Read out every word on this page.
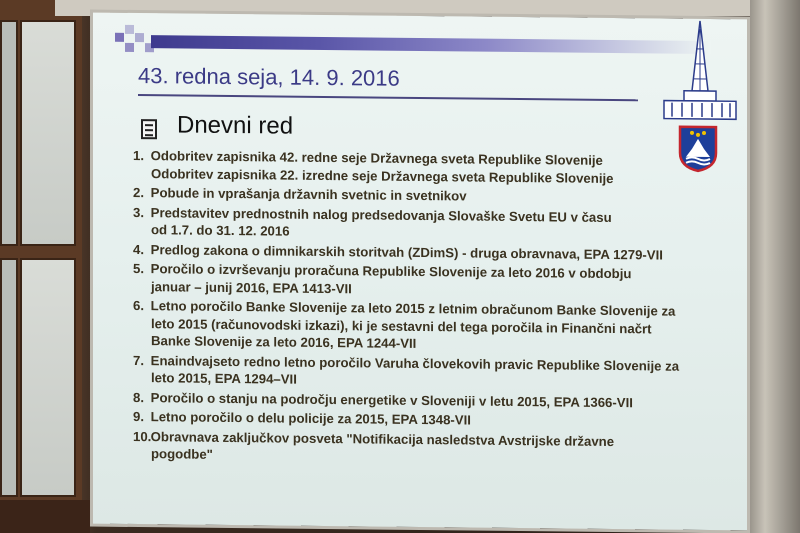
43. redna seja, 14. 9. 2016
Dnevni red
1. Odobritev zapisnika 42. redne seje Državnega sveta Republike Slovenije
Odobritev zapisnika 22. izredne seje Državnega sveta Republike Slovenije
2. Pobude in vprašanja državnih svetnic in svetnikov
3. Predstavitev prednostnih nalog predsedovanja Slovaške Svetu EU v času
od 1.7. do 31. 12. 2016
4. Predlog zakona o dimnikarskih storitvah (ZDimS) - druga obravnava, EPA 1279-VII
5. Poročilo o izvrševanju proračuna Republike Slovenije za leto 2016 v obdobju
januar – junij 2016, EPA 1413-VII
6. Letno poročilo Banke Slovenije za leto 2015 z letnim obračunom Banke Slovenije za
leto 2015 (računovodski izkazi), ki je sestavni del tega poročila in Finančni načrt
Banke Slovenije za leto 2016, EPA 1244-VII
7. Enaindvajseto redno letno poročilo Varuha človekovih pravic Republike Slovenije za
leto 2015, EPA 1294–VII
8. Poročilo o stanju na področju energetike v Sloveniji v letu 2015, EPA 1366-VII
9. Letno poročilo o delu policije za 2015, EPA 1348-VII
10. Obravnava zaključkov posveta "Notifikacija nasledstva Avstrijske državne
pogodbe"
